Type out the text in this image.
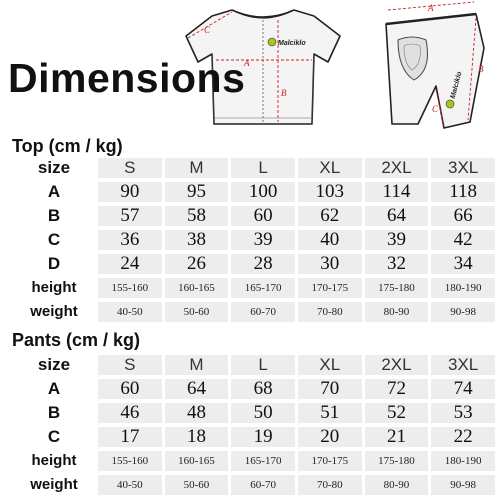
Malciklo
C
A
B	Malciklo
A
B
C
Dimensions
Top (cm / kg)
size	S	M	L	XL	2XL	3XL
A	90	95	100	103	114	118
B	57	58	60	62	64	66
C	36	38	39	40	39	42
D	24	26	28	30	32	34
height	155-160	160-165	165-170	170-175	175-180	180-190
weight	40-50	50-60	60-70	70-80	80-90	90-98
Pants (cm / kg)
size	S	M	L	XL	2XL	3XL
A	60	64	68	70	72	74
B	46	48	50	51	52	53
C	17	18	19	20	21	22
height	155-160	160-165	165-170	170-175	175-180	180-190
weight	40-50	50-60	60-70	70-80	80-90	90-98
